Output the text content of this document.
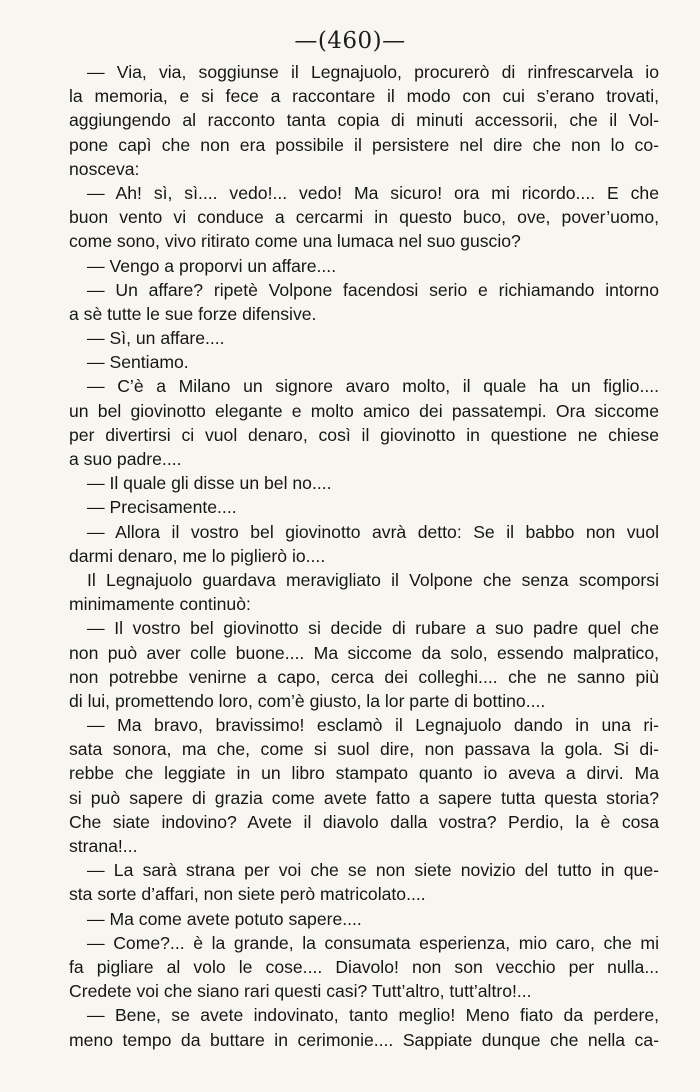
—(460)—
— Via, via, soggiunse il Legnajuolo, procurerò di rinfrescarvela io
la memoria, e si fece a raccontare il modo con cui s’erano trovati,
aggiungendo al racconto tanta copia di minuti accessorii, che il Vol-
pone capì che non era possibile il persistere nel dire che non lo co-
nosceva:
— Ah! sì, sì.... vedo!... vedo! Ma sicuro! ora mi ricordo.... E che
buon vento vi conduce a cercarmi in questo buco, ove, pover’uomo,
come sono, vivo ritirato come una lumaca nel suo guscio?
— Vengo a proporvi un affare....
— Un affare? ripetè Volpone facendosi serio e richiamando intorno
a sè tutte le sue forze difensive.
— Sì, un affare....
— Sentiamo.
— C’è a Milano un signore avaro molto, il quale ha un figlio....
un bel giovinotto elegante e molto amico dei passatempi. Ora siccome
per divertirsi ci vuol denaro, così il giovinotto in questione ne chiese
a suo padre....
— Il quale gli disse un bel no....
— Precisamente....
— Allora il vostro bel giovinotto avrà detto: Se il babbo non vuol
darmi denaro, me lo piglierò io....
Il Legnajuolo guardava meravigliato il Volpone che senza scomporsi
minimamente continuò:
— Il vostro bel giovinotto si decide di rubare a suo padre quel che
non può aver colle buone.... Ma siccome da solo, essendo malpratico,
non potrebbe venirne a capo, cerca dei colleghi.... che ne sanno più
di lui, promettendo loro, com’è giusto, la lor parte di bottino....
— Ma bravo, bravissimo! esclamò il Legnajuolo dando in una ri-
sata sonora, ma che, come si suol dire, non passava la gola. Si di-
rebbe che leggiate in un libro stampato quanto io aveva a dirvi. Ma
si può sapere di grazia come avete fatto a sapere tutta questa storia?
Che siate indovino? Avete il diavolo dalla vostra? Perdio, la è cosa
strana!...
— La sarà strana per voi che se non siete novizio del tutto in que-
sta sorte d’affari, non siete però matricolato....
— Ma come avete potuto sapere....
— Come?... è la grande, la consumata esperienza, mio caro, che mi
fa pigliare al volo le cose.... Diavolo! non son vecchio per nulla...
Credete voi che siano rari questi casi? Tutt’altro, tutt’altro!...
— Bene, se avete indovinato, tanto meglio! Meno fiato da perdere,
meno tempo da buttare in cerimonie.... Sappiate dunque che nella ca-
